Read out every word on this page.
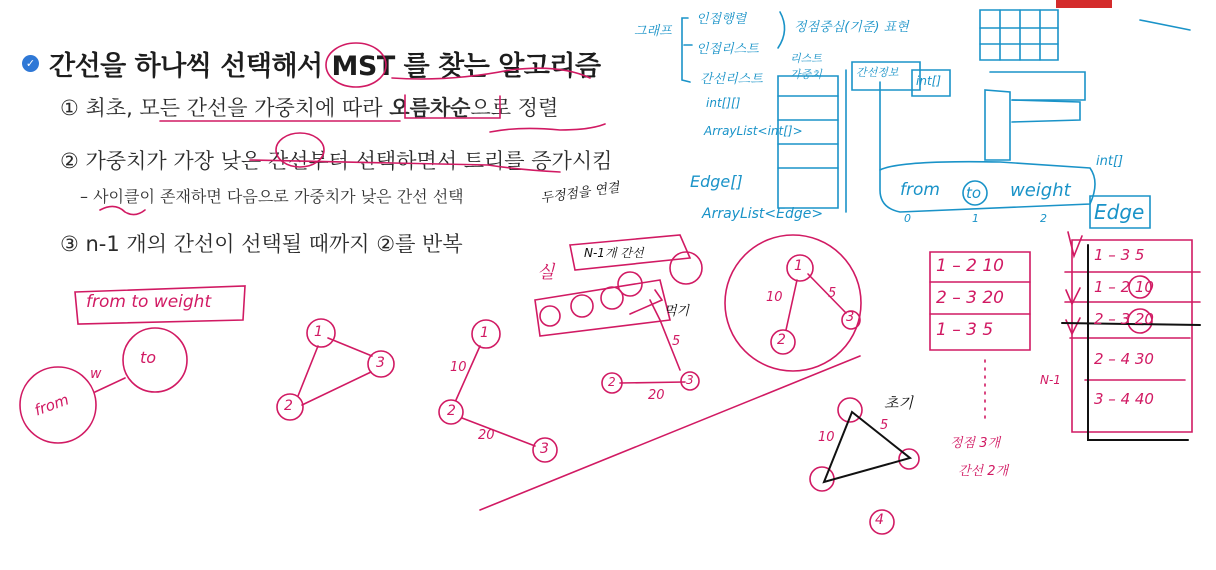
✓ 간선을 하나씩 선택해서 MST 를 찾는 알고리즘
① 최초, 모든 간선을 가중치에 따라 오름차순으로 정렬
② 가중치가 가장 낮은 간선부터 선택하면서 트리를 증가시킴
– 사이클이 존재하면 다음으로 가중치가 낮은 간선 선택
③ n-1 개의 간선이 선택될 때까지 ②를 반복
from to weight
from
to
w
1
3
2
1
2
3
10
20
실
N-1개 간선
먹기
2	3
5
20
1
3
2
10	5
10
5
4
초기
1 – 2 10
2 – 3 20
1 – 3 5
1 – 3 5
1 – 2 10
2 – 3 20
2 – 4 30
3 – 4 40
N-1
정점 3개
간선 2개
두정점을 연결
그래프
인접행렬
인접리스트
간선리스트
정점중심(기준) 표현
리스트
가중치
int[][]
ArrayList<int[]>
Edge[]
ArrayList<Edge>
간선정보
int[]
int[]
from to weight
Edge
0	1	2
